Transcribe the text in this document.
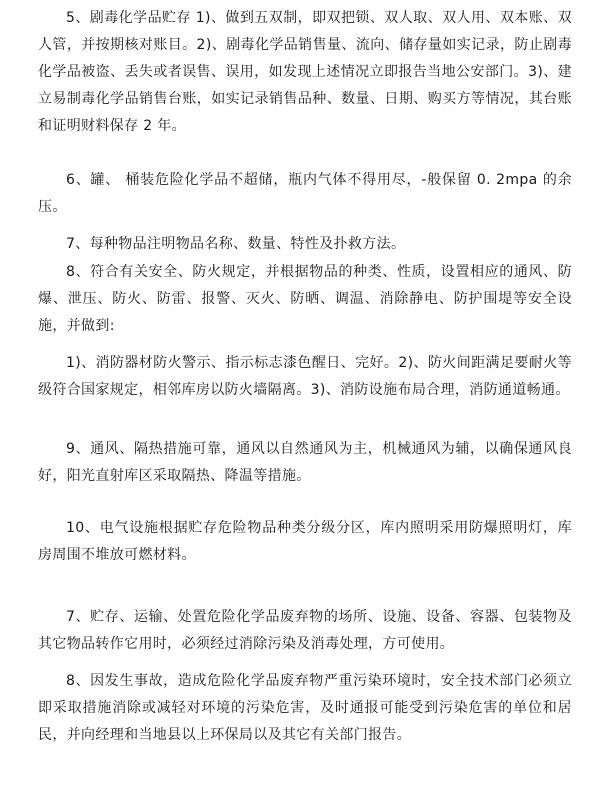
5、剧毒化学品贮存 1)、做到五双制，即双把锁、双人取、双人用、双本账、双人管，并按期核对账目。2)、剧毒化学品销售量、流向、储存量如实记录，防止剧毒化学品被盗、丢失或者误售、误用，如发现上述情况立即报告当地公安部门。3)、建立易制毒化学品销售台账，如实记录销售品种、数量、日期、购买方等情况，其台账和证明财料保存 2 年。

6、罐、 桶装危险化学品不超储，瓶内气体不得用尽，-般保留 0. 2mpa 的余压。

7、每种物品注明物品名称、数量、特性及扑救方法。

8、符合有关安全、防火规定，并根据物品的种类、性质，设置相应的通风、防爆、泄压、防火、防雷、报警、灭火、防晒、调温、消除静电、防护围堤等安全设施，并做到:

1)、消防器材防火警示、指示标志漆色醒日、完好。2)、防火间距满足要耐火等级符合国家规定，相邻库房以防火墙隔离。3)、消防设施布局合理，消防通道畅通。

9、通风、隔热措施可靠，通风以自然通风为主，机械通风为辅，以确保通风良好，阳光直射库区采取隔热、降温等措施。

10、电气设施根据贮存危险物品种类分级分区，库内照明采用防爆照明灯，库房周围不堆放可燃材料。

7、贮存、运输、处置危险化学品废弃物的场所、设施、设备、容器、包装物及其它物品转作它用时，必须经过消除污染及消毒处理，方可使用。

8、因发生事故，造成危险化学品废弃物严重污染环境时，安全技术部门必须立即采取措施消除或减轻对环境的污染危害，及时通报可能受到污染危害的单位和居民，并向经理和当地县以上环保局以及其它有关部门报告。
